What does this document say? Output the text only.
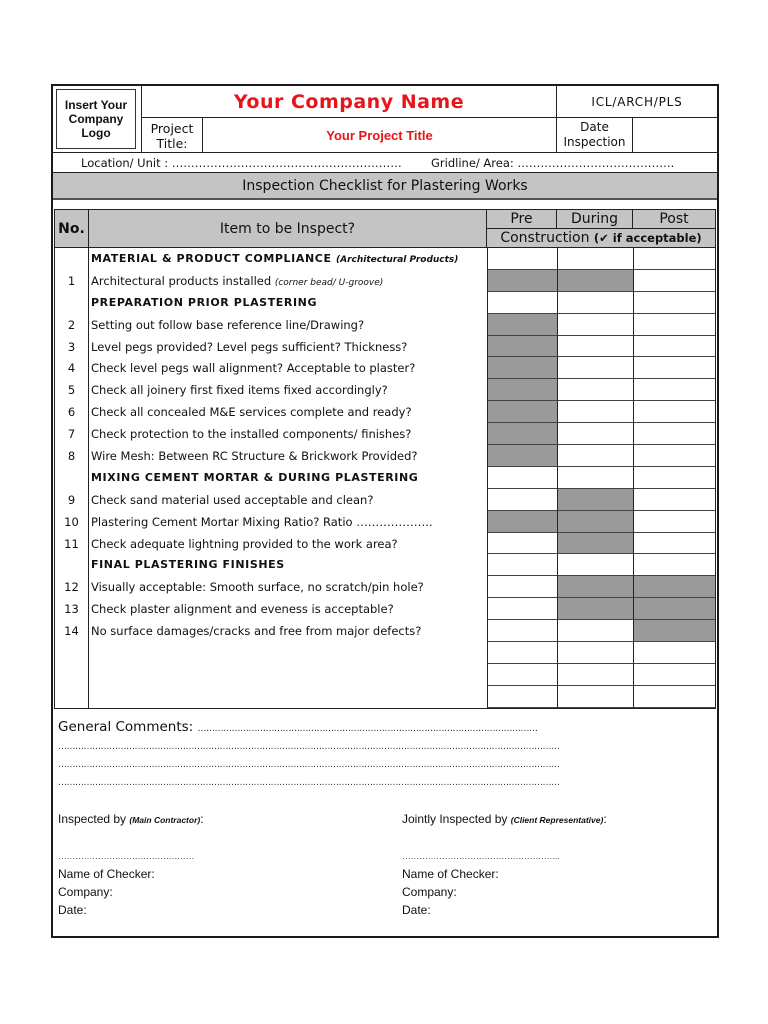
Insert Your Company Logo
Your Company Name	ICL/ARCH/PLS
Project Title:
Your Project Title
Date Inspection
Location/ Unit : ……………………………………………………	Gridline/ Area: …………………………………..
Inspection Checklist for Plastering Works
No.	Item to be Inspect?
Pre	During	Post
Construction (✔ if acceptable)
MATERIAL & PRODUCT COMPLIANCE (Architectural Products)
1	Architectural products installed (corner bead/ U-groove)
PREPARATION PRIOR PLASTERING
2	Setting out follow base reference line/Drawing?
3	Level pegs provided? Level pegs sufficient? Thickness?
4	Check level pegs wall alignment? Acceptable to plaster?
5	Check all joinery first fixed items fixed accordingly?
6	Check all concealed M&E services complete and ready?
7	Check protection to the installed components/ finishes?
8	Wire Mesh: Between RC Structure & Brickwork Provided?
MIXING CEMENT MORTAR & DURING PLASTERING
9	Check sand material used acceptable and clean?
10	Plastering Cement Mortar Mixing Ratio? Ratio ………………..
11	Check adequate lightning provided to the work area?
FINAL PLASTERING FINISHES
12	Visually acceptable: Smooth surface, no scratch/pin hole?
13	Check plaster alignment and eveness is acceptable?
14	No surface damages/cracks and free from major defects?
General Comments: …………………………………………………………………………………………………………
……………………………………………………………………………………………………………………………………………………………
……………………………………………………………………………………………………………………………………………………………
……………………………………………………………………………………………………………………………………………………………
Inspected by (Main Contractor):
…………………………………………
Name of Checker:
Company:
Date:
Jointly Inspected by (Client Representative):
………………………………………………..
Name of Checker:
Company:
Date:
